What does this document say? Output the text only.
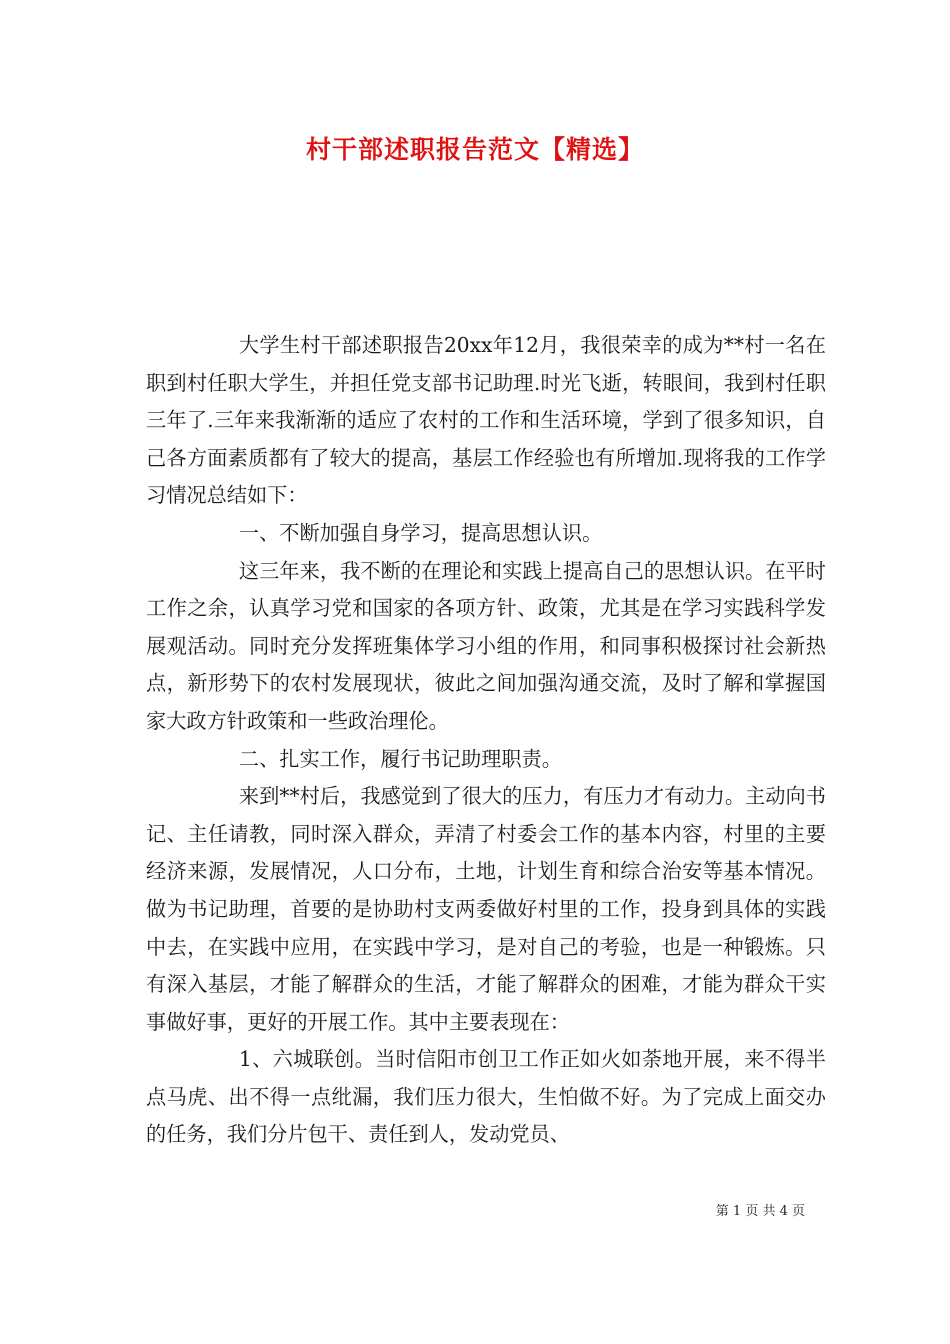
村干部述职报告范文【精选】

大学生村干部述职报告20xx年12月，我很荣幸的成为**村一名在职到村任职大学生，并担任党支部书记助理.时光飞逝，转眼间，我到村任职三年了.三年来我渐渐的适应了农村的工作和生活环境，学到了很多知识，自己各方面素质都有了较大的提高，基层工作经验也有所增加.现将我的工作学习情况总结如下：

一、不断加强自身学习，提高思想认识。

这三年来，我不断的在理论和实践上提高自己的思想认识。在平时工作之余，认真学习党和国家的各项方针、政策，尤其是在学习实践科学发展观活动。同时充分发挥班集体学习小组的作用，和同事积极探讨社会新热点，新形势下的农村发展现状，彼此之间加强沟通交流，及时了解和掌握国家大政方针政策和一些政治理伦。

二、扎实工作，履行书记助理职责。

来到**村后，我感觉到了很大的压力，有压力才有动力。主动向书记、主任请教，同时深入群众，弄清了村委会工作的基本内容，村里的主要经济来源，发展情况，人口分布，土地，计划生育和综合治安等基本情况。做为书记助理，首要的是协助村支两委做好村里的工作，投身到具体的实践中去，在实践中应用，在实践中学习，是对自己的考验，也是一种锻炼。只有深入基层，才能了解群众的生活，才能了解群众的困难，才能为群众干实事做好事，更好的开展工作。其中主要表现在：

1、六城联创。当时信阳市创卫工作正如火如荼地开展，来不得半点马虎、出不得一点纰漏，我们压力很大，生怕做不好。为了完成上面交办的任务，我们分片包干、责任到人，发动党员、

第 1 页 共 4 页
